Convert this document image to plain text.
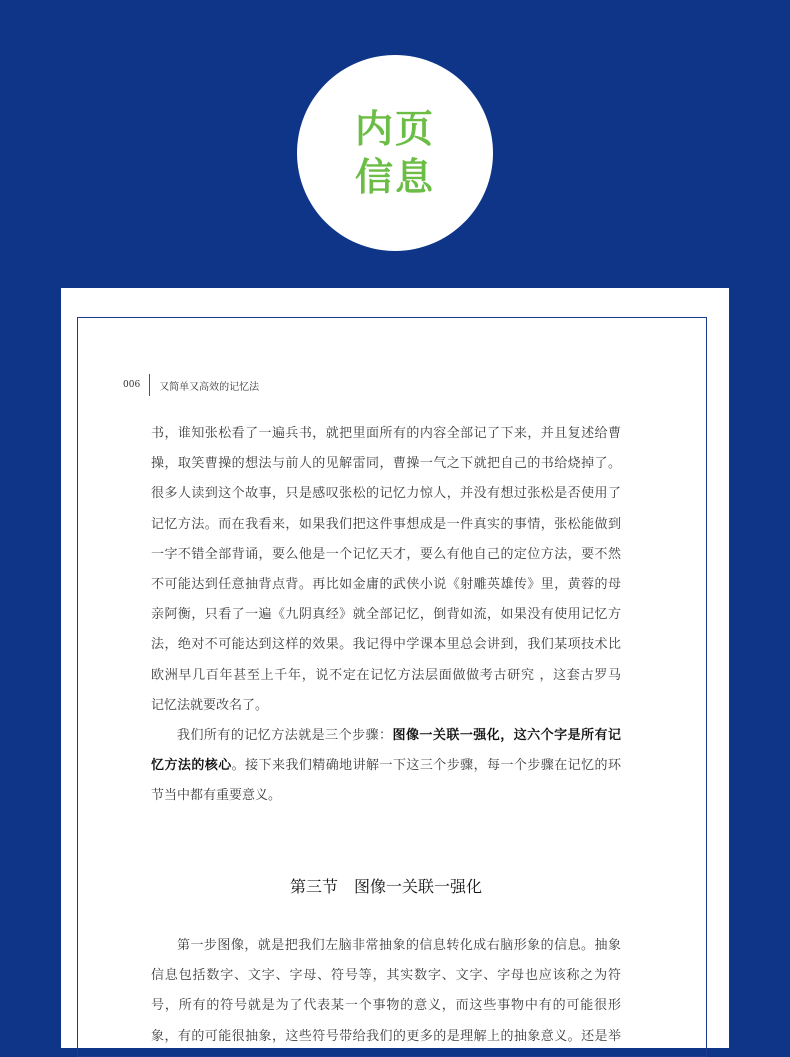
内页
信息
006 又简单又高效的记忆法
书，谁知张松看了一遍兵书，就把里面所有的内容全部记了下来，并且复述给曹
操，取笑曹操的想法与前人的见解雷同，曹操一气之下就把自己的书给烧掉了。
很多人读到这个故事，只是感叹张松的记忆力惊人，并没有想过张松是否使用了
记忆方法。而在我看来，如果我们把这件事想成是一件真实的事情，张松能做到
一字不错全部背诵，要么他是一个记忆天才，要么有他自己的定位方法，要不然
不可能达到任意抽背点背。再比如金庸的武侠小说《射雕英雄传》里，黄蓉的母
亲阿衡，只看了一遍《九阴真经》就全部记忆，倒背如流，如果没有使用记忆方
法，绝对不可能达到这样的效果。我记得中学课本里总会讲到，我们某项技术比
欧洲早几百年甚至上千年，说不定在记忆方法层面做做考古研究 ，这套古罗马
记忆法就要改名了。
我们所有的记忆方法就是三个步骤：图像一关联一强化，这六个字是所有记
忆方法的核心。接下来我们精确地讲解一下这三个步骤，每一个步骤在记忆的环
节当中都有重要意义。
第三节　图像一关联一强化
第一步图像，就是把我们左脑非常抽象的信息转化成右脑形象的信息。抽象
信息包括数字、文字、字母、符号等，其实数字、文字、字母也应该称之为符
号，所有的符号就是为了代表某一个事物的意义，而这些事物中有的可能很形
象，有的可能很抽象，这些符号带给我们的更多的是理解上的抽象意义。还是举
